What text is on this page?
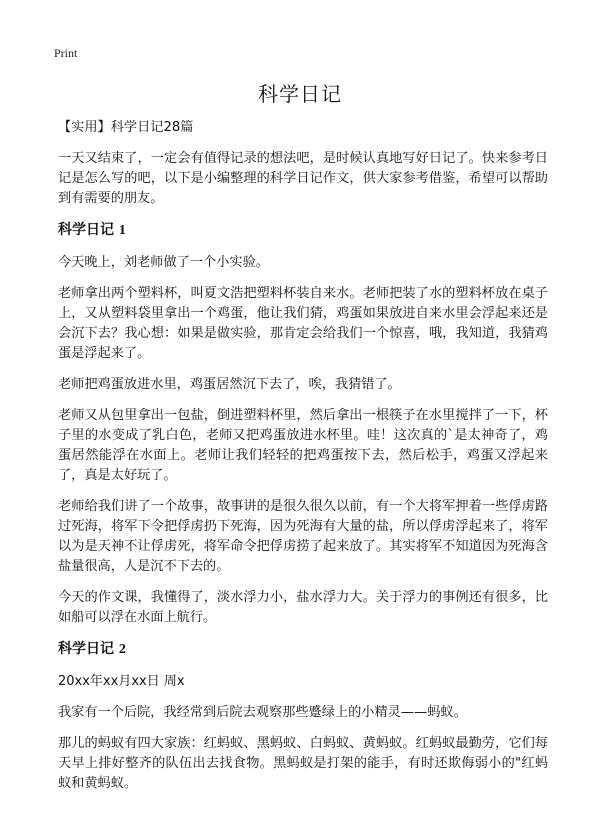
Print
科学日记

【实用】科学日记28篇

一天又结束了，一定会有值得记录的想法吧，是时候认真地写好日记了。快来参考日记是怎么写的吧，以下是小编整理的科学日记作文，供大家参考借鉴，希望可以帮助到有需要的朋友。

科学日记 1

今天晚上，刘老师做了一个小实验。

老师拿出两个塑料杯，叫夏文浩把塑料杯装自来水。老师把装了水的塑料杯放在桌子上，又从塑料袋里拿出一个鸡蛋，他让我们猜，鸡蛋如果放进自来水里会浮起来还是会沉下去？我心想：如果是做实验，那肯定会给我们一个惊喜，哦，我知道，我猜鸡蛋是浮起来了。

老师把鸡蛋放进水里，鸡蛋居然沉下去了，唉，我猜错了。

老师又从包里拿出一包盐，倒进塑料杯里，然后拿出一根筷子在水里搅拌了一下，杯子里的水变成了乳白色，老师又把鸡蛋放进水杯里。哇！这次真的`是太神奇了，鸡蛋居然能浮在水面上。老师让我们轻轻的把鸡蛋按下去，然后松手，鸡蛋又浮起来了，真是太好玩了。

老师给我们讲了一个故事，故事讲的是很久很久以前，有一个大将军押着一些俘虏路过死海，将军下令把俘虏扔下死海，因为死海有大量的盐，所以俘虏浮起来了，将军以为是天神不让俘虏死，将军命令把俘虏捞了起来放了。其实将军不知道因为死海含盐量很高，人是沉不下去的。

今天的作文课，我懂得了，淡水浮力小，盐水浮力大。关于浮力的事例还有很多，比如船可以浮在水面上航行。

科学日记 2

20xx年xx月xx日 周x

我家有一个后院，我经常到后院去观察那些蹙绿上的小精灵——蚂蚁。

那儿的蚂蚁有四大家族：红蚂蚁、黑蚂蚁、白蚂蚁、黄蚂蚁。红蚂蚁最勤劳，它们每天早上排好整齐的队伍出去找食物。黑蚂蚁是打架的能手，有时还欺侮弱小的"红蚂蚁和黄蚂蚁。
